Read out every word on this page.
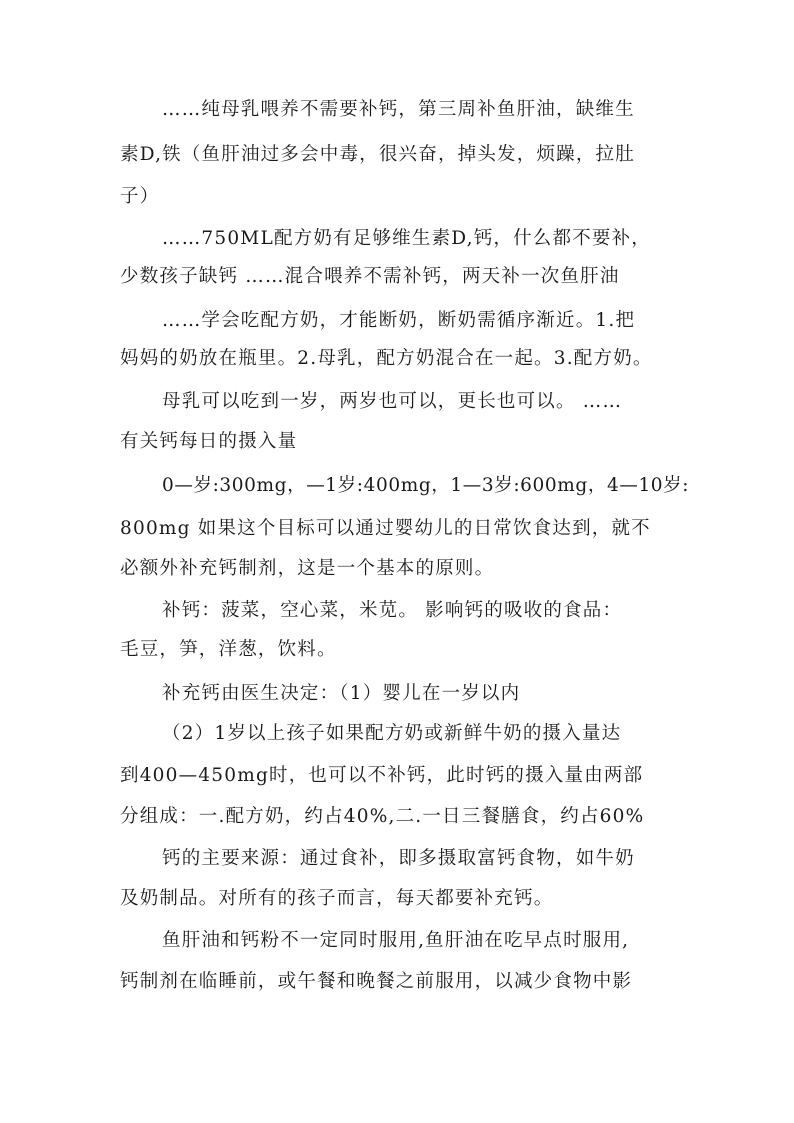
……纯母乳喂养不需要补钙，第三周补鱼肝油，缺维生
素D,铁（鱼肝油过多会中毒，很兴奋，掉头发，烦躁，拉肚
子）
……750ML配方奶有足够维生素D,钙，什么都不要补，
少数孩子缺钙 ……混合喂养不需补钙，两天补一次鱼肝油
……学会吃配方奶，才能断奶，断奶需循序渐近。1.把
妈妈的奶放在瓶里。2.母乳，配方奶混合在一起。3.配方奶。
母乳可以吃到一岁，两岁也可以，更长也可以。 ……
有关钙每日的摄入量
0—岁:300mg，—1岁:400mg，1—3岁:600mg，4—10岁:
800mg 如果这个目标可以通过婴幼儿的日常饮食达到，就不
必额外补充钙制剂，这是一个基本的原则。
补钙：菠菜，空心菜，米苋。 影响钙的吸收的食品：
毛豆，笋，洋葱，饮料。
补充钙由医生决定：（1）婴儿在一岁以内
（2）1岁以上孩子如果配方奶或新鲜牛奶的摄入量达
到400—450mg时，也可以不补钙，此时钙的摄入量由两部
分组成：一.配方奶，约占40%,二.一日三餐膳食，约占60%
钙的主要来源：通过食补，即多摄取富钙食物，如牛奶
及奶制品。对所有的孩子而言，每天都要补充钙。
鱼肝油和钙粉不一定同时服用,鱼肝油在吃早点时服用,
钙制剂在临睡前，或午餐和晚餐之前服用，以减少食物中影
